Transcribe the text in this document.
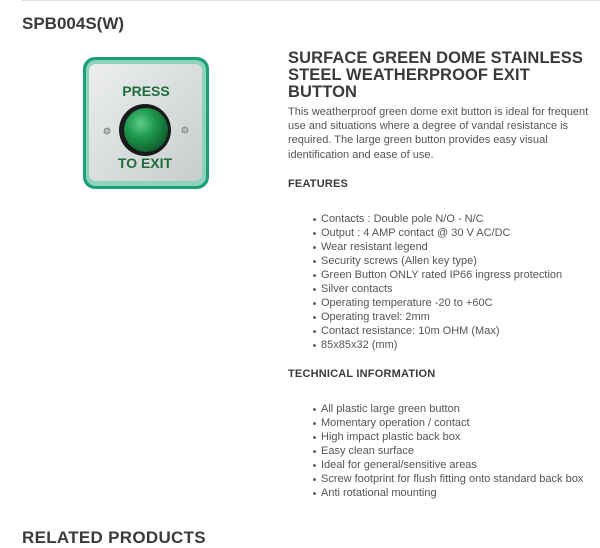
SPB004S(W)
PRESS
TO EXIT
SURFACE GREEN DOME STAINLESS STEEL WEATHERPROOF EXIT BUTTON

This weatherproof green dome exit button is ideal for frequent use and situations where a degree of vandal resistance is required. The large green button provides easy visual identification and ease of use.

FEATURES
Contacts : Double pole N/O - N/C
Output : 4 AMP contact @ 30 V AC/DC
Wear resistant legend
Security screws (Allen key type)
Green Button ONLY rated IP66 ingress protection
Silver contacts
Operating temperature -20 to +60C
Operating travel: 2mm
Contact resistance: 10m OHM (Max)
85x85x32 (mm)
TECHNICAL INFORMATION
All plastic large green button
Momentary operation / contact
High impact plastic back box
Easy clean surface
Ideal for general/sensitive areas
Screw footprint for flush fitting onto standard back box
Anti rotational mounting
RELATED PRODUCTS
